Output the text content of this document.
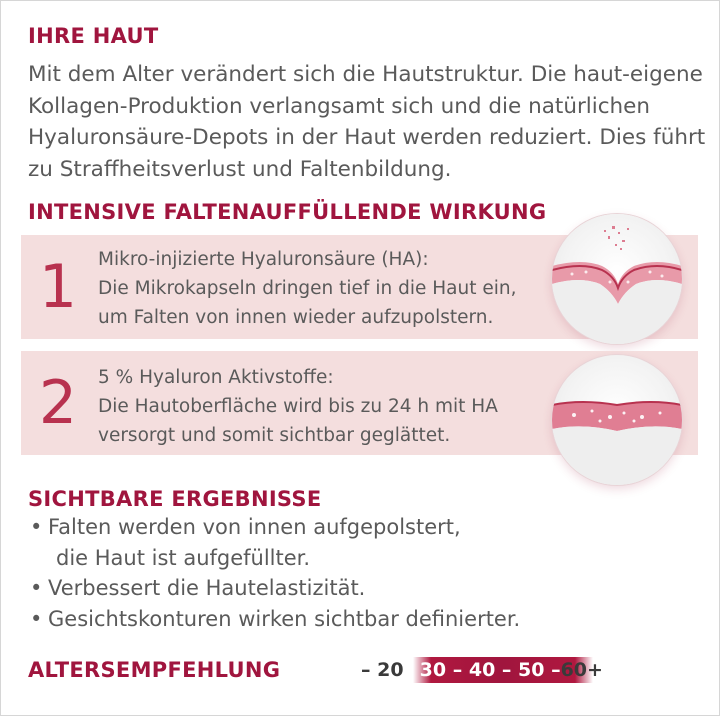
IHRE HAUT
Mit dem Alter verändert sich die Hautstruktur. Die haut-eigene Kollagen-Produktion verlangsamt sich und die natürlichen Hyaluronsäure-Depots in der Haut werden reduziert. Dies führt zu Straffheitsverlust und Faltenbildung.
INTENSIVE FALTENAUFFÜLLENDE WIRKUNG
1	Mikro-injizierte Hyaluronsäure (HA):
Die Mikrokapseln dringen tief in die Haut ein,
um Falten von innen wieder aufzupolstern.
2	5 % Hyaluron Aktivstoffe:
Die Hautoberfläche wird bis zu 24 h mit HA
versorgt und somit sichtbar geglättet.
SICHTBARE ERGEBNISSE
• Falten werden von innen aufgepolstert,
die Haut ist aufgefüllter.
• Verbessert die Hautelastizität.
• Gesichtskonturen wirken sichtbar definierter.
ALTERSEMPFEHLUNG	– 20– 30 – 40 – 50 –60+
